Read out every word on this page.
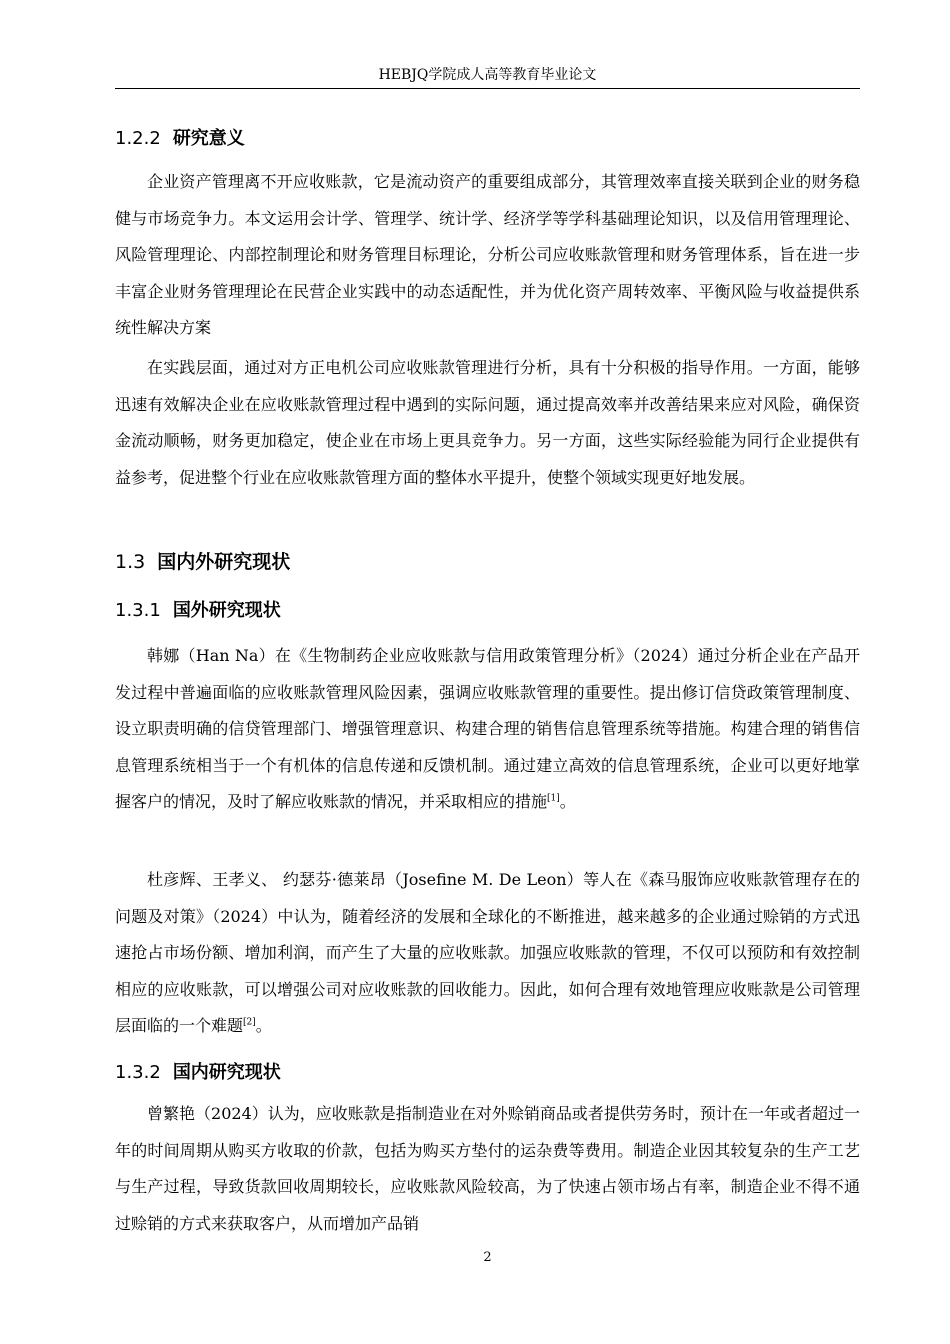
HEBJQ学院成人高等教育毕业论文
1.2.2 研究意义

企业资产管理离不开应收账款，它是流动资产的重要组成部分，其管理效率直接关联到企业的财务稳健与市场竞争力。本文运用会计学、管理学、统计学、经济学等学科基础理论知识，以及信用管理理论、风险管理理论、内部控制理论和财务管理目标理论，分析公司应收账款管理和财务管理体系，旨在进一步丰富企业财务管理理论在民营企业实践中的动态适配性，并为优化资产周转效率、平衡风险与收益提供系统性解决方案

在实践层面，通过对方正电机公司应收账款管理进行分析，具有十分积极的指导作用。一方面，能够迅速有效解决企业在应收账款管理过程中遇到的实际问题，通过提高效率并改善结果来应对风险，确保资金流动顺畅，财务更加稳定，使企业在市场上更具竞争力。另一方面，这些实际经验能为同行企业提供有益参考，促进整个行业在应收账款管理方面的整体水平提升，使整个领域实现更好地发展。

1.3 国内外研究现状
1.3.1 国外研究现状

韩娜（Han Na）在《生物制药企业应收账款与信用政策管理分析》（2024）通过分析企业在产品开发过程中普遍面临的应收账款管理风险因素，强调应收账款管理的重要性。提出修订信贷政策管理制度、设立职责明确的信贷管理部门、增强管理意识、构建合理的销售信息管理系统等措施。构建合理的销售信息管理系统相当于一个有机体的信息传递和反馈机制。通过建立高效的信息管理系统，企业可以更好地掌握客户的情况，及时了解应收账款的情况，并采取相应的措施[1]。

杜彦辉、王孝义、 约瑟芬·德莱昂（Josefine M. De Leon）等人在《森马服饰应收账款管理存在的问题及对策》（2024）中认为，随着经济的发展和全球化的不断推进，越来越多的企业通过赊销的方式迅速抢占市场份额、增加利润，而产生了大量的应收账款。加强应收账款的管理，不仅可以预防和有效控制相应的应收账款，可以增强公司对应收账款的回收能力。因此，如何合理有效地管理应收账款是公司管理层面临的一个难题[2]。

1.3.2 国内研究现状

曾繁艳（2024）认为，应收账款是指制造业在对外赊销商品或者提供劳务时，预计在一年或者超过一年的时间周期从购买方收取的价款，包括为购买方垫付的运杂费等费用。制造企业因其较复杂的生产工艺与生产过程，导致货款回收周期较长，应收账款风险较高，为了快速占领市场占有率，制造企业不得不通过赊销的方式来获取客户，从而增加产品销

2
